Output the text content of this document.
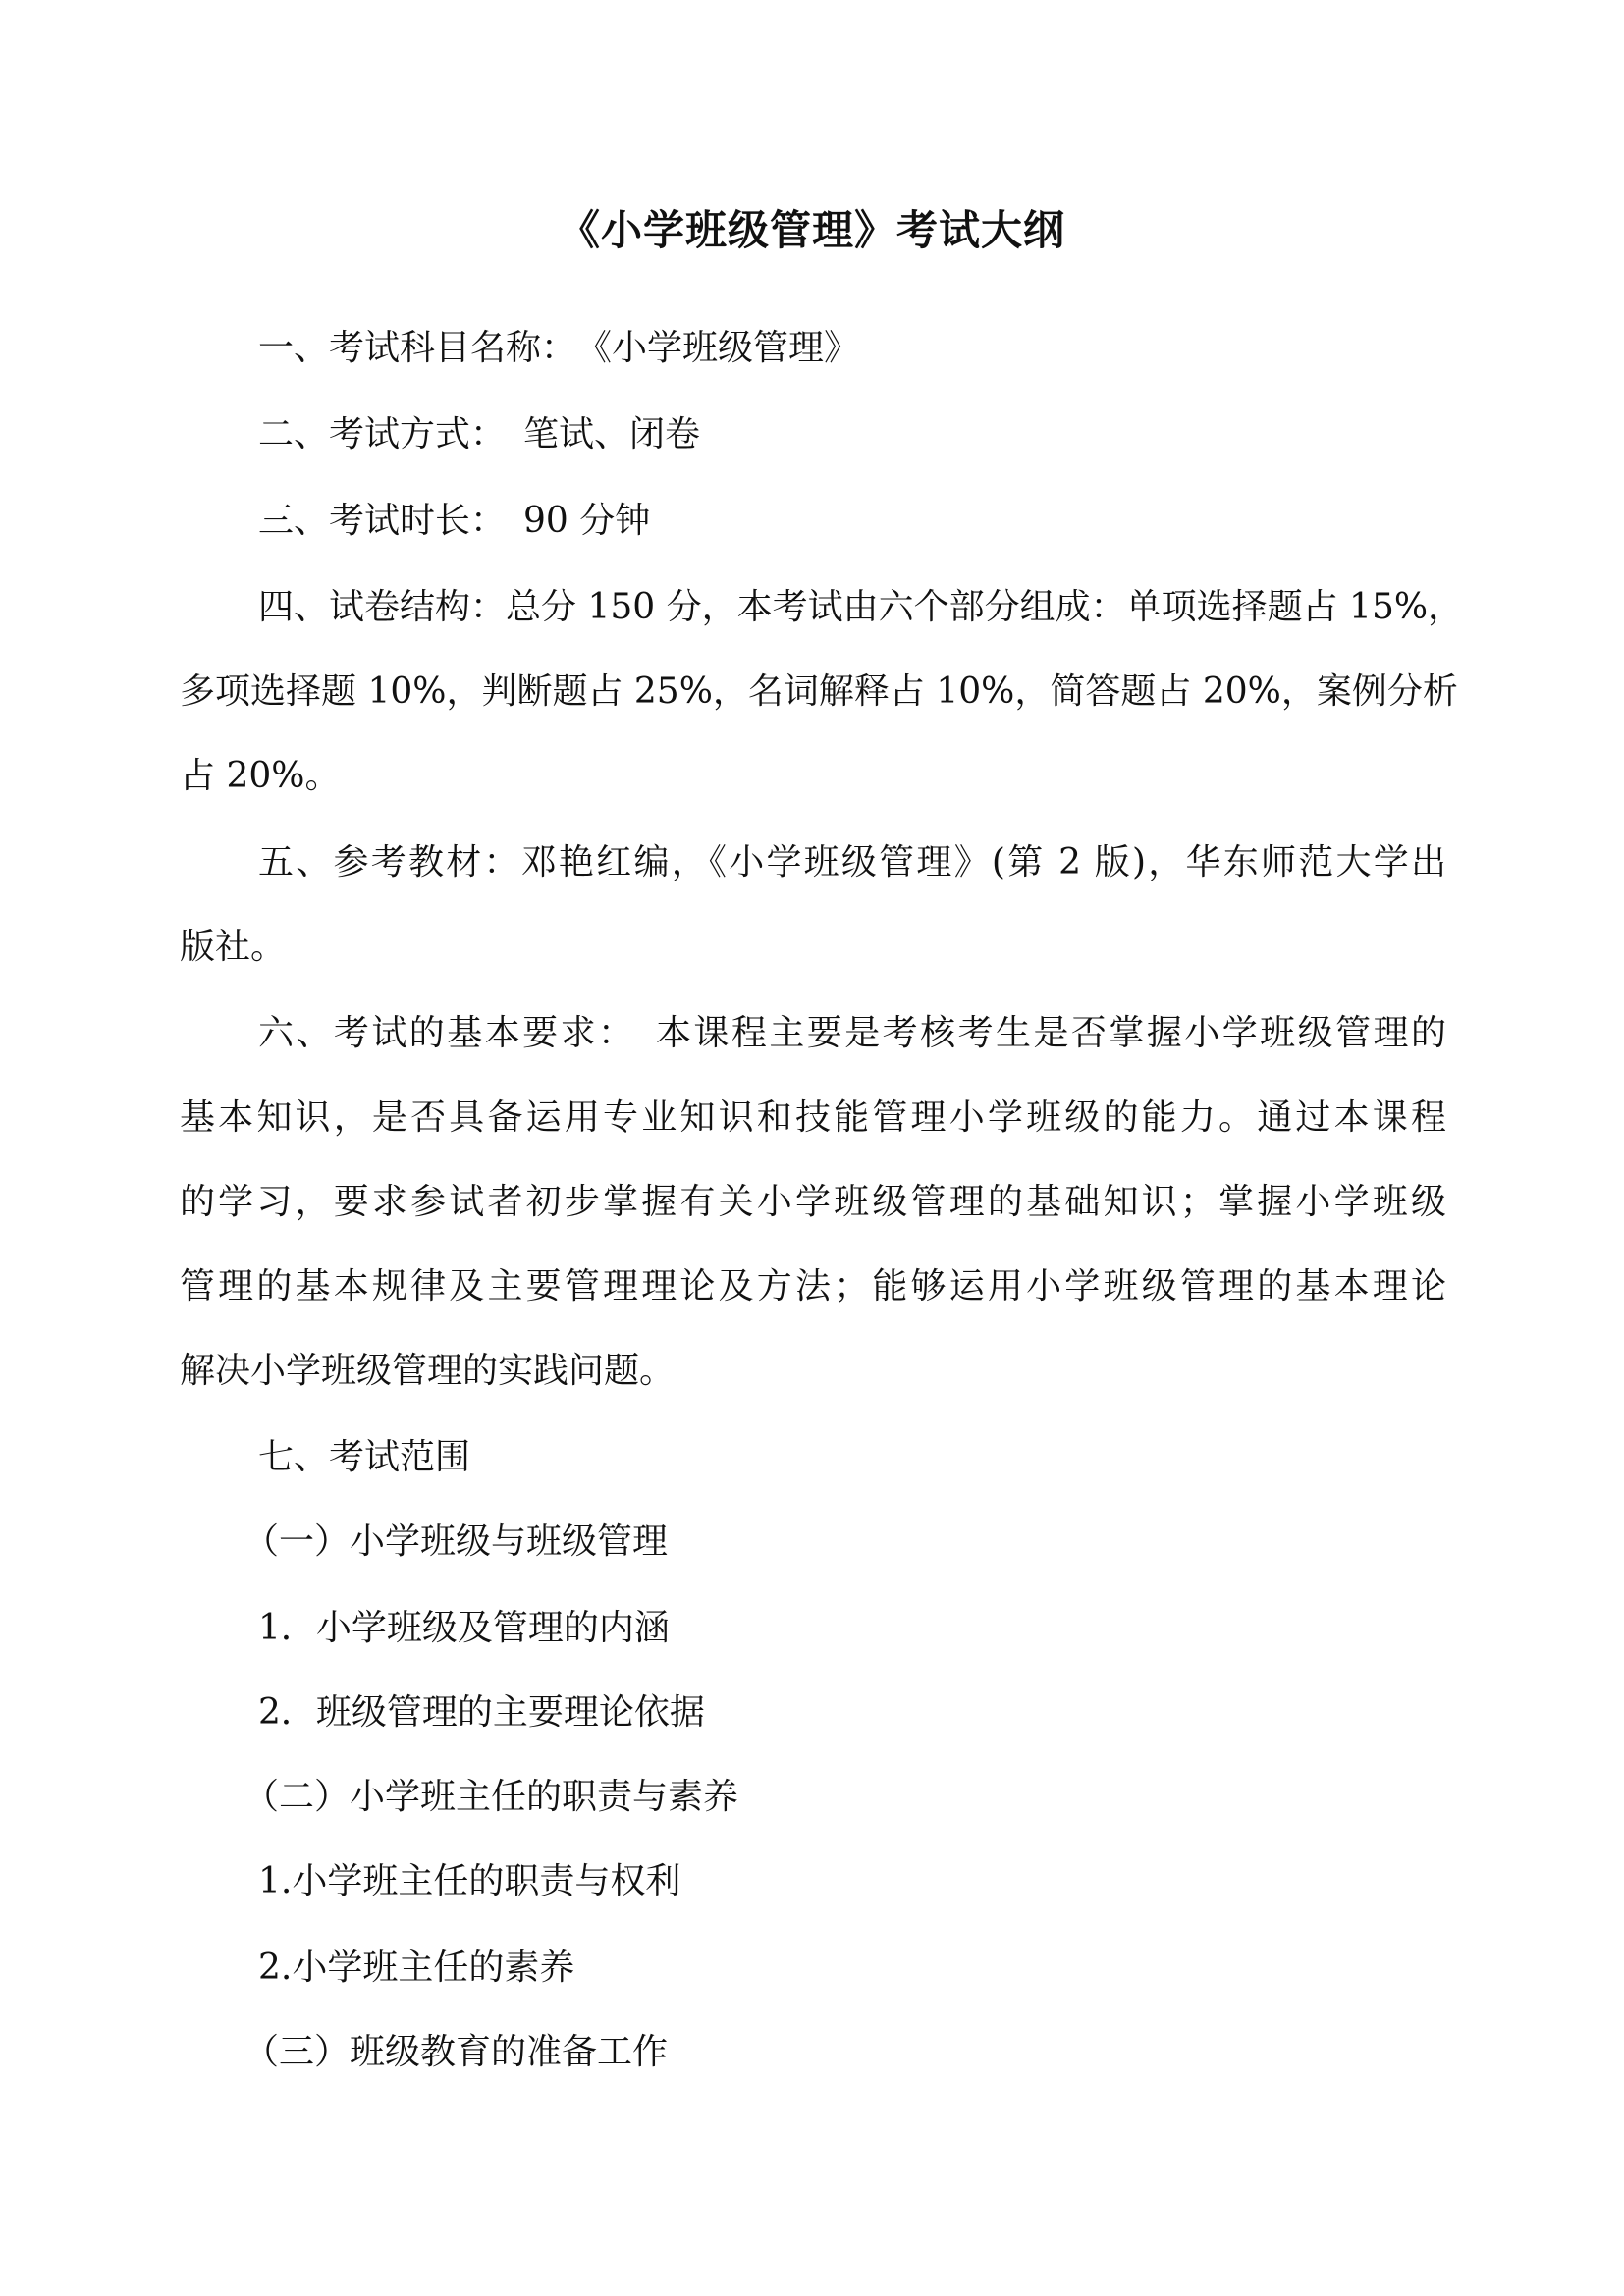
《小学班级管理》考试大纲
一、考试科目名称：　《小学班级管理》
二、考试方式：　笔试、闭卷
三、考试时长：　90 分钟
四、试卷结构：总分 150 分，本考试由六个部分组成：单项选择题占 15%，
多项选择题 10%，判断题占 25%，名词解释占 10%，简答题占 20%，案例分析
占 20%。
五、参考教材：邓艳红编，《小学班级管理》(第 2 版)，华东师范大学出
版社。
六、考试的基本要求：　本课程主要是考核考生是否掌握小学班级管理的
基本知识，是否具备运用专业知识和技能管理小学班级的能力。通过本课程
的学习，要求参试者初步掌握有关小学班级管理的基础知识；掌握小学班级
管理的基本规律及主要管理理论及方法；能够运用小学班级管理的基本理论
解决小学班级管理的实践问题。
七、考试范围
（一）小学班级与班级管理
1．小学班级及管理的内涵
2．班级管理的主要理论依据
（二）小学班主任的职责与素养
1.小学班主任的职责与权利
2.小学班主任的素养
（三）班级教育的准备工作
